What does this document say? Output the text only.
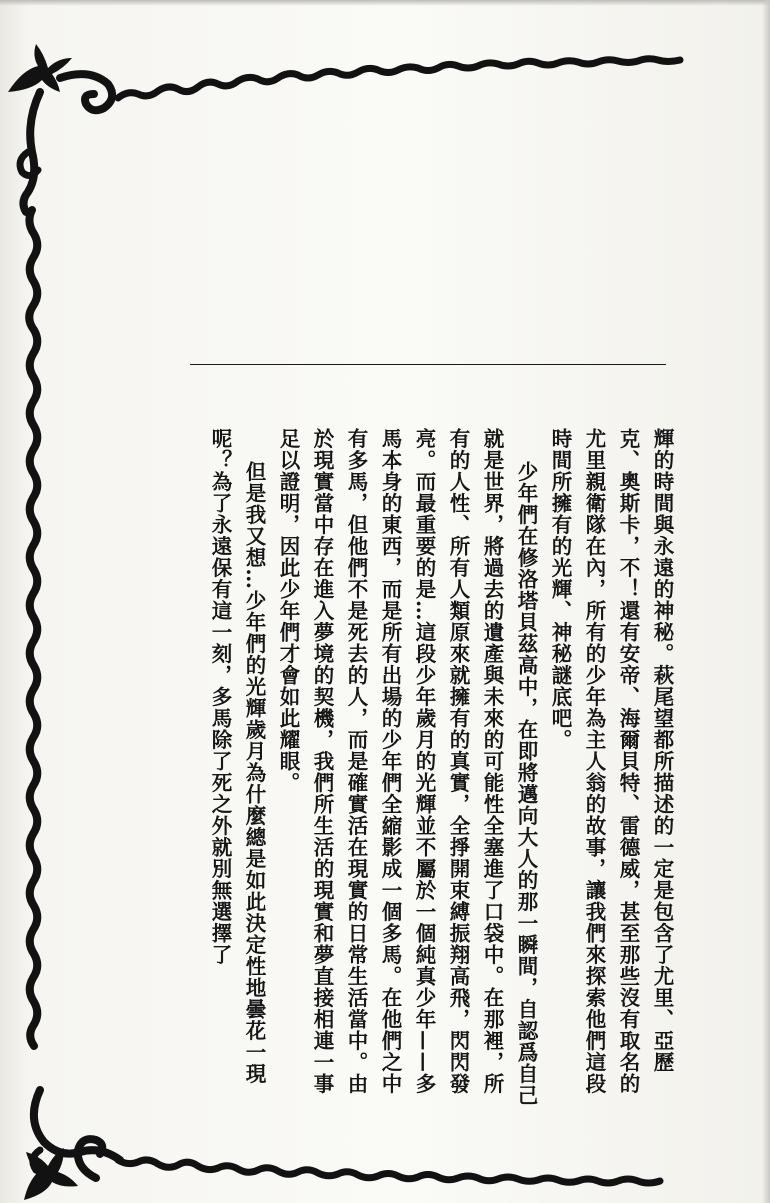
輝的時間與永遠的神秘。萩尾望都所描述的一定是包含了尤里、亞歷克、奧斯卡，不！還有安帝、海爾貝特、雷德威，甚至那些沒有取名的尤里親衛隊在內，所有的少年為主人翁的故事，讓我們來探索他們這段時間所擁有的光輝、神秘謎底吧。

少年們在修洛塔貝茲高中，在即將邁向大人的那一瞬間，自認爲自己就是世界，將過去的遺產與未來的可能性全塞進了口袋中。在那裡，所有的人性、所有人類原來就擁有的真實，全掙開束縛振翔高飛，閃閃發亮。而最重要的是…這段少年歲月的光輝並不屬於一個純真少年——多馬本身的東西，而是所有出場的少年們全縮影成一個多馬。在他們之中有多馬，但他們不是死去的人，而是確實活在現實的日常生活當中。由於現實當中存在進入夢境的契機，我們所生活的現實和夢直接相連一事足以證明，因此少年們才會如此耀眼。

但是我又想…少年們的光輝歲月為什麼總是如此決定性地曇花一現呢？為了永遠保有這一刻，多馬除了死之外就別無選擇了
